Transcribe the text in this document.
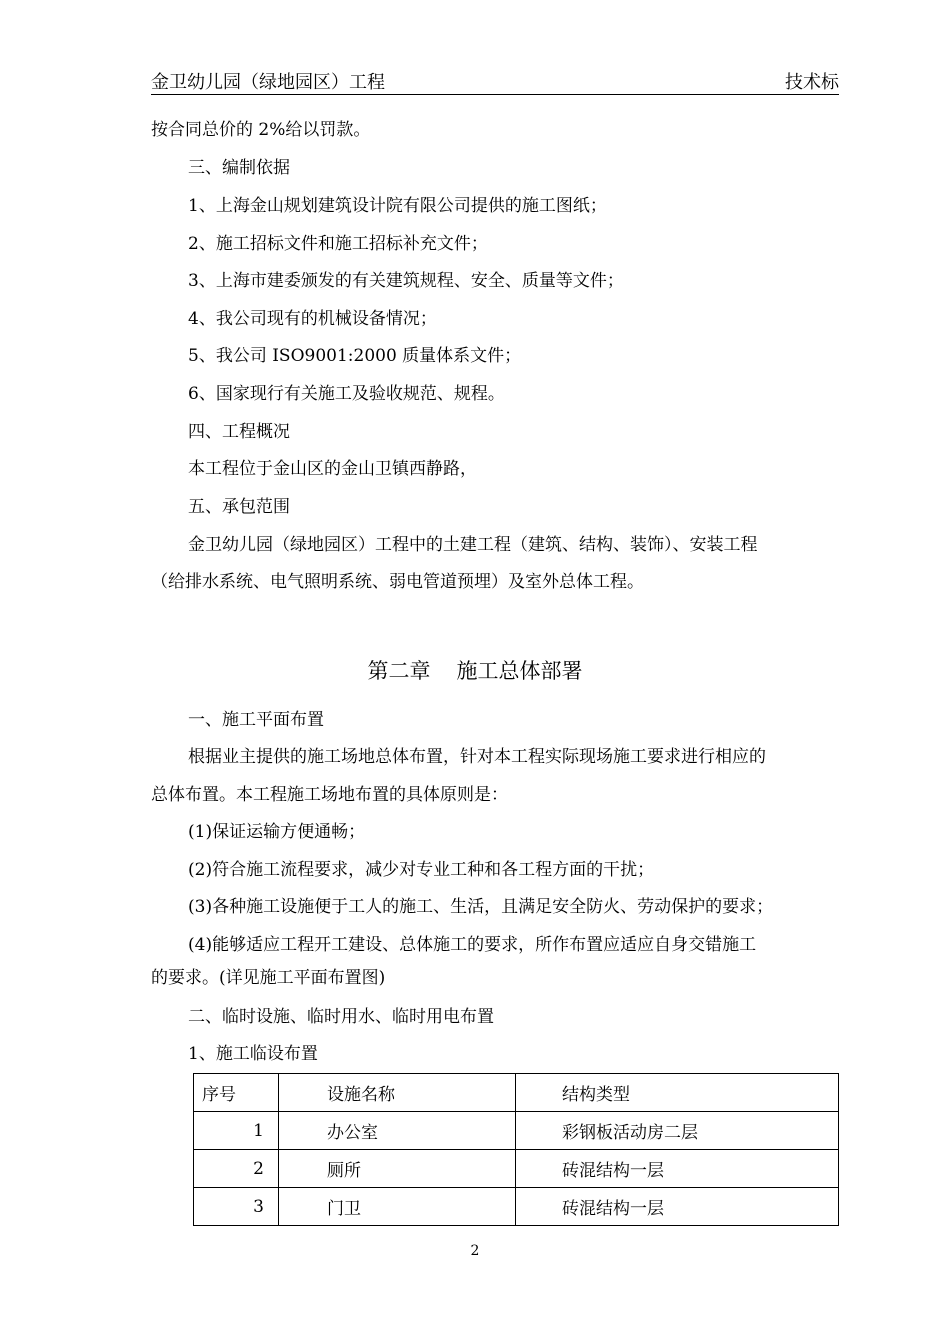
金卫幼儿园（绿地园区）工程	技术标
按合同总价的 2%给以罚款。
三、编制依据
1、上海金山规划建筑设计院有限公司提供的施工图纸；
2、施工招标文件和施工招标补充文件；
3、上海市建委颁发的有关建筑规程、安全、质量等文件；
4、我公司现有的机械设备情况；
5、我公司 ISO9001:2000 质量体系文件；
6、国家现行有关施工及验收规范、规程。
四、工程概况
本工程位于金山区的金山卫镇西静路，
五、承包范围
金卫幼儿园（绿地园区）工程中的土建工程（建筑、结构、装饰）、安装工程
（给排水系统、电气照明系统、弱电管道预埋）及室外总体工程。
第二章 施工总体部署
一、施工平面布置
根据业主提供的施工场地总体布置，针对本工程实际现场施工要求进行相应的
总体布置。本工程施工场地布置的具体原则是：
(1)保证运输方便通畅；
(2)符合施工流程要求，减少对专业工种和各工程方面的干扰；
(3)各种施工设施便于工人的施工、生活，且满足安全防火、劳动保护的要求；
(4)能够适应工程开工建设、总体施工的要求，所作布置应适应自身交错施工
的要求。(详见施工平面布置图)
二、临时设施、临时用水、临时用电布置
1、施工临设布置
序号	设施名称	结构类型
1	办公室	彩钢板活动房二层
2	厕所	砖混结构一层
3	门卫	砖混结构一层
2
